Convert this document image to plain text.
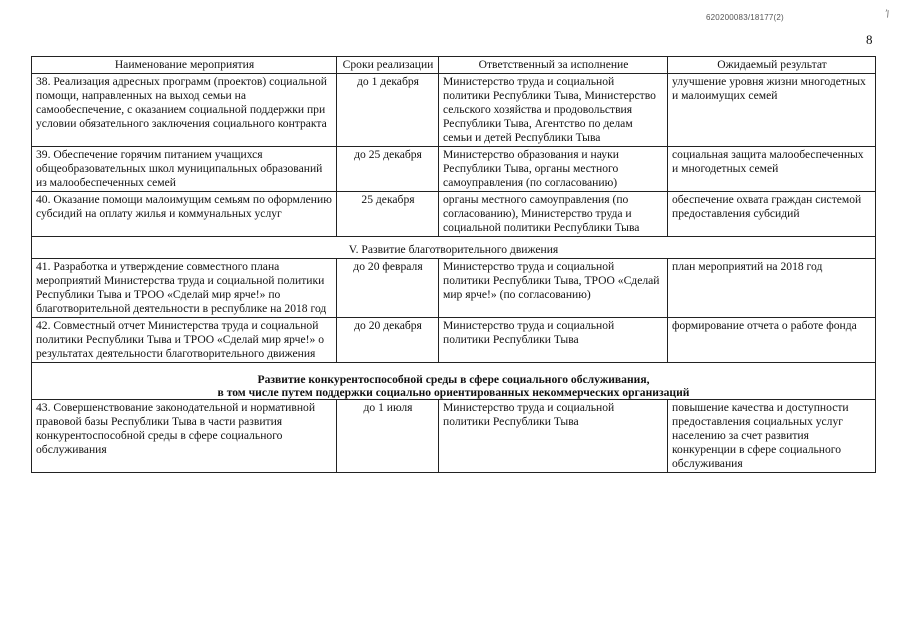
620200083/18177(2)	ʼ\
8
Наименование мероприятия	Сроки реализации	Ответственный за исполнение	Ожидаемый результат
38. Реализация адресных программ (проектов) социальной помощи, направленных на выход семьи на самообеспечение, с оказанием социальной поддержки при условии обязательного заключения социального контракта	до 1 декабря	Министерство труда и социальной политики Республики Тыва, Министерство сельского хозяйства и продовольствия Республики Тыва, Агентство по делам семьи и детей Республики Тыва	улучшение уровня жизни многодетных и малоимущих семей
39. Обеспечение горячим питанием учащихся общеобразовательных школ муниципальных образований из малообеспеченных семей	до 25 декабря	Министерство образования и науки Республики Тыва, органы местного самоуправления (по согласованию)	социальная защита малообеспеченных и многодетных семей
40. Оказание помощи малоимущим семьям по оформлению субсидий на оплату жилья и коммунальных услуг	25 декабря	органы местного самоуправления (по согласованию), Министерство труда и социальной политики Республики Тыва	обеспечение охвата граждан системой предоставления субсидий
V. Развитие благотворительного движения			
41. Разработка и утверждение совместного плана мероприятий Министерства труда и социальной политики Республики Тыва и ТРОО «Сделай мир ярче!» по благотворительной деятельности в республике на 2018 год	до 20 февраля	Министерство труда и социальной политики Республики Тыва, ТРОО «Сделай мир ярче!» (по согласованию)	план мероприятий на 2018 год
42. Совместный отчет Министерства труда и социальной политики Республики Тыва и ТРОО «Сделай мир ярче!» о результатах деятельности благотворительного движения	до 20 декабря	Министерство труда и социальной политики Республики Тыва	формирование отчета о работе фонда
Развитие конкурентоспособной среды в сфере социального обслуживания,
в том числе путем поддержки социально ориентированных некоммерческих организаций			
43. Совершенствование законодательной и нормативной правовой базы Республики Тыва в части развития конкурентоспособной среды в сфере социального обслуживания	до 1 июля	Министерство труда и социальной политики Республики Тыва	повышение качества и доступности предоставления социальных услуг населению за счет развития конкуренции в сфере социального обслуживания
